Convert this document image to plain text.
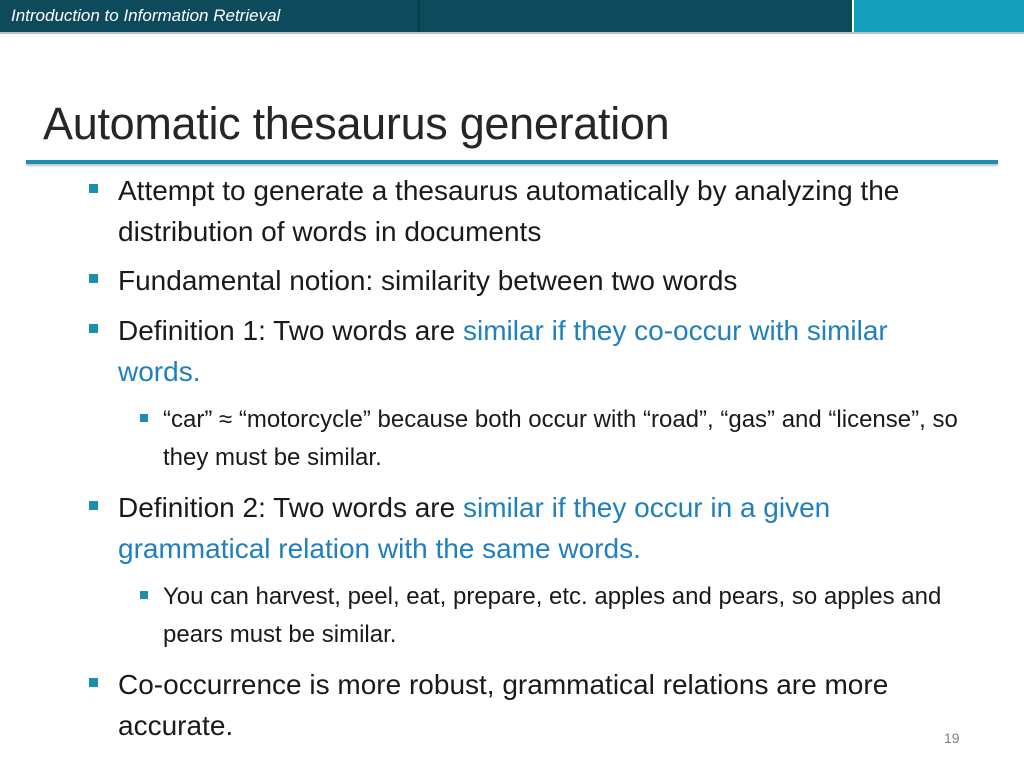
Introduction to Information Retrieval
Automatic thesaurus generation
Attempt to generate a thesaurus automatically by analyzing the distribution of words in documents
Fundamental notion: similarity between two words
Definition 1: Two words are similar if they co-occur with similar words.
“car” ≈ “motorcycle” because both occur with “road”, “gas” and “license”, so they must be similar.
Definition 2: Two words are similar if they occur in a given grammatical relation with the same words.
You can harvest, peel, eat, prepare, etc. apples and pears, so apples and pears must be similar.
Co-occurrence is more robust, grammatical relations are more accurate.	19
